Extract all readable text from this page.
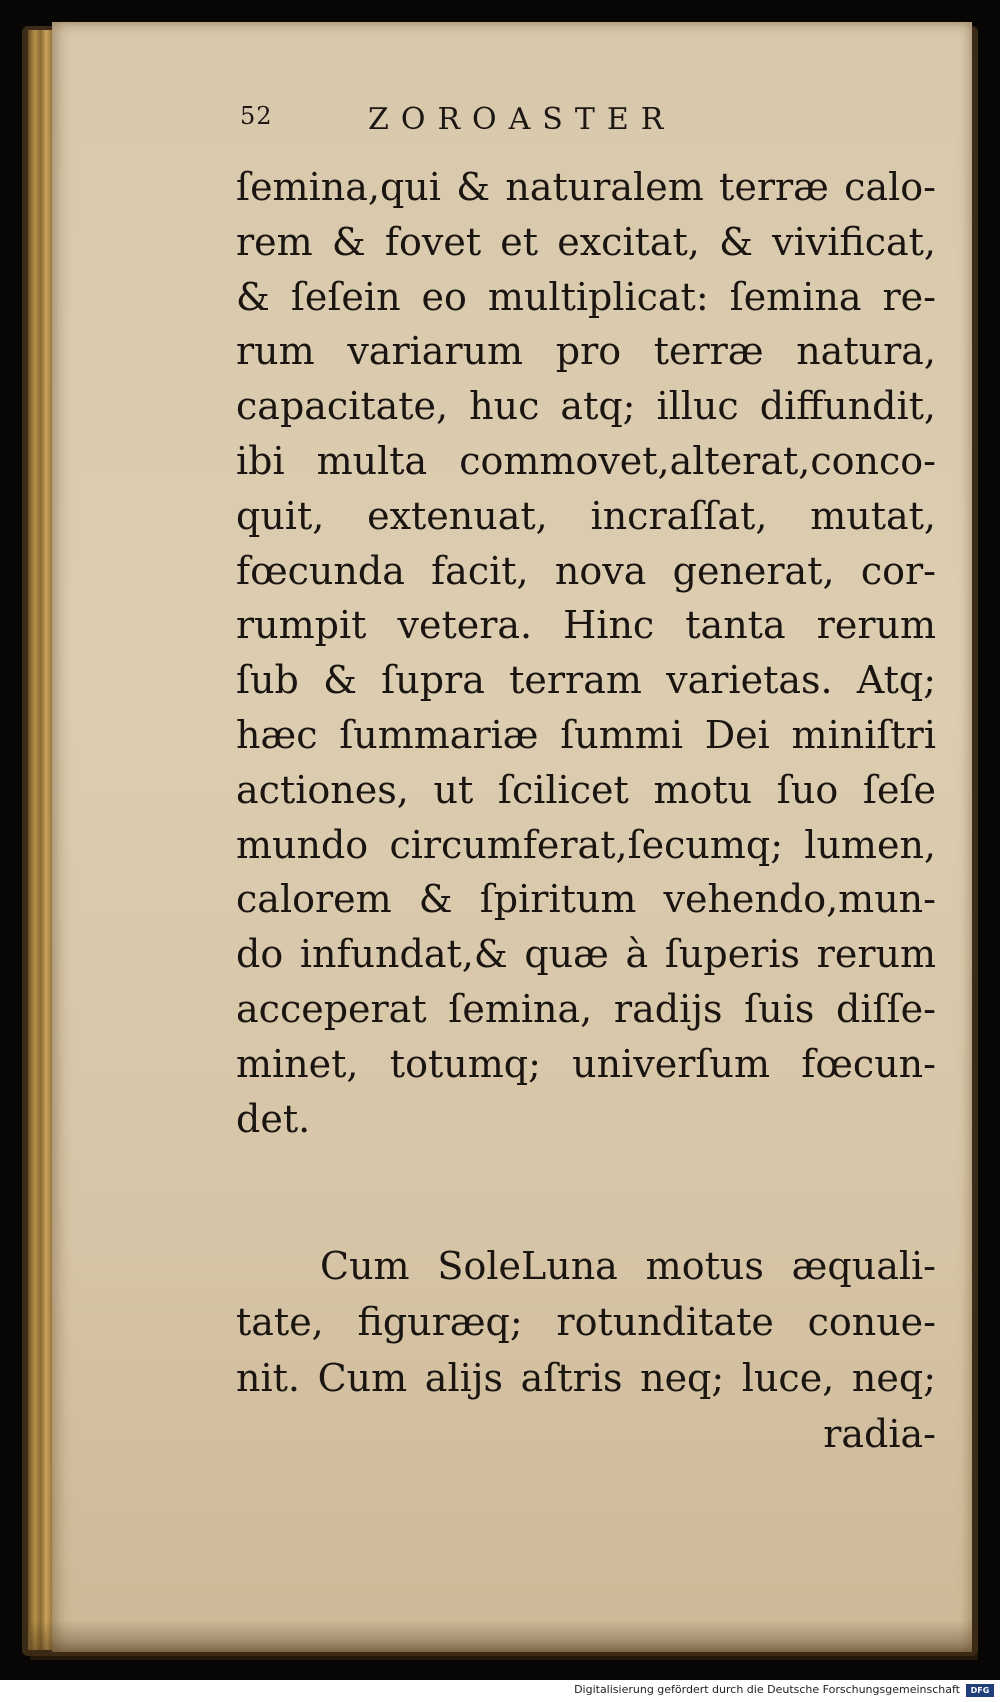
52	ZOROASTER
ſemina,qui & naturalem terræ calo-
rem & fovet et excitat, & vivificat,
& ſeſein eo multiplicat: ſemina re-
rum variarum pro terræ natura,
capacitate, huc atq; illuc diffundit,
ibi multa commovet,alterat,conco-
quit, extenuat, incraſſat, mutat,
fœcunda facit, nova generat, cor-
rumpit vetera. Hinc tanta rerum
ſub & ſupra terram varietas. Atq;
hæc ſummariæ ſummi Dei miniſtri
actiones, ut ſcilicet motu ſuo ſeſe
mundo circumferat,ſecumq; lumen,
calorem & ſpiritum vehendo,mun-
do infundat,& quæ à ſuperis rerum
acceperat ſemina, radijs ſuis diſſe-
minet, totumq; univerſum fœcun-
det.
Cum SoleLuna motus æquali-
tate, figuræq; rotunditate conue-
nit. Cum alijs aſtris neq; luce, neq;
radia-
Digitalisierung gefördert durch die Deutsche Forschungsgemeinschaft	DFG
